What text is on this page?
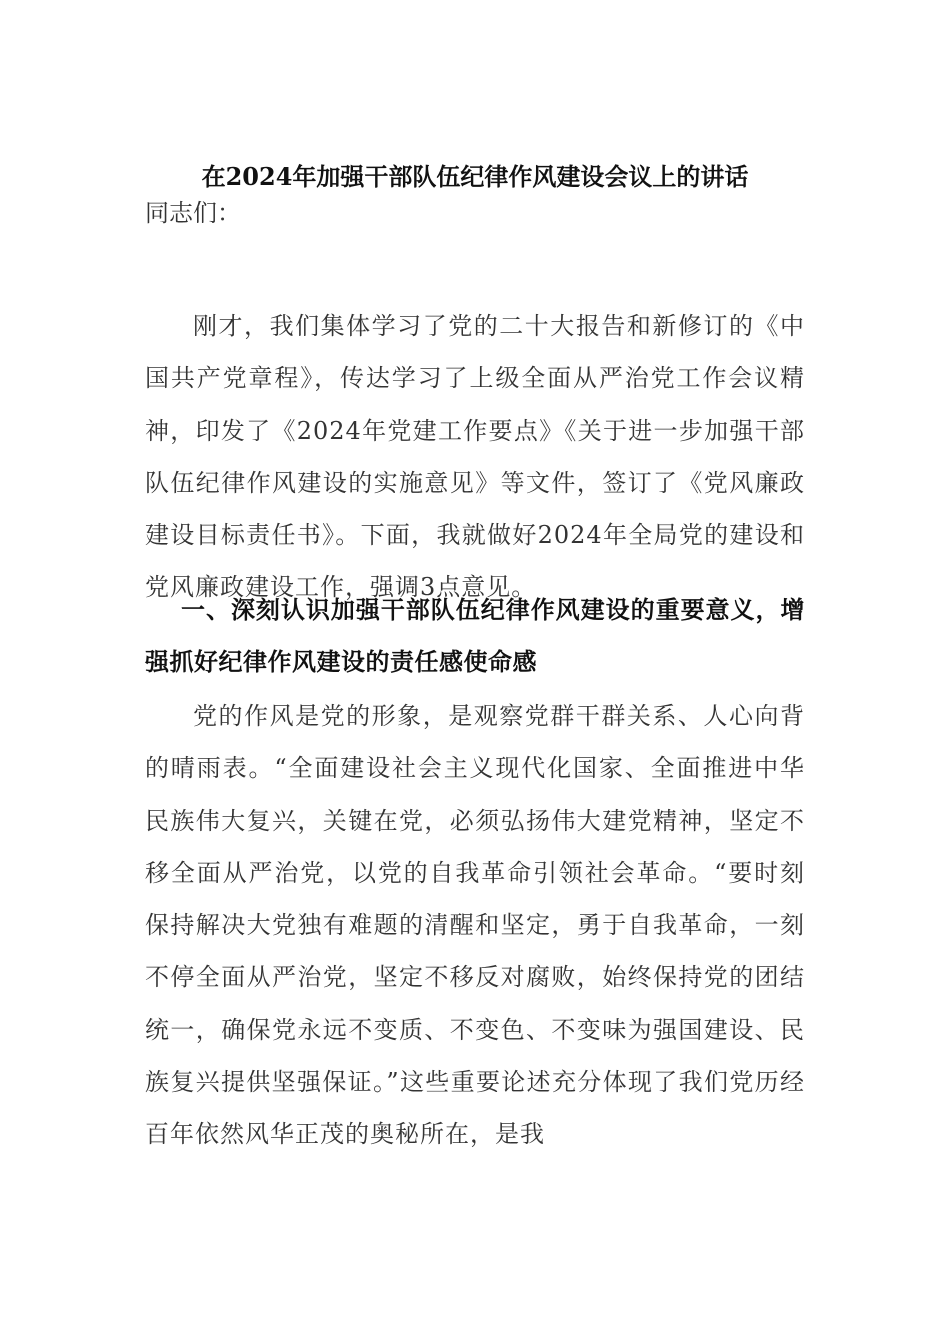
在2024年加强干部队伍纪律作风建设会议上的讲话
同志们：

刚才，我们集体学习了党的二十大报告和新修订的《中国共产党章程》，传达学习了上级全面从严治党工作会议精神，印发了《2024年党建工作要点》《关于进一步加强干部队伍纪律作风建设的实施意见》等文件，签订了《党风廉政建设目标责任书》。下面，我就做好2024年全局党的建设和党风廉政建设工作，强调3点意见。

一、深刻认识加强干部队伍纪律作风建设的重要意义，增强抓好纪律作风建设的责任感使命感

党的作风是党的形象，是观察党群干群关系、人心向背的晴雨表。“全面建设社会主义现代化国家、全面推进中华民族伟大复兴，关键在党，必须弘扬伟大建党精神，坚定不移全面从严治党，以党的自我革命引领社会革命。“要时刻保持解决大党独有难题的清醒和坚定，勇于自我革命，一刻不停全面从严治党，坚定不移反对腐败，始终保持党的团结统一，确保党永远不变质、不变色、不变味为强国建设、民族复兴提供坚强保证。”这些重要论述充分体现了我们党历经百年依然风华正茂的奥秘所在，是我
